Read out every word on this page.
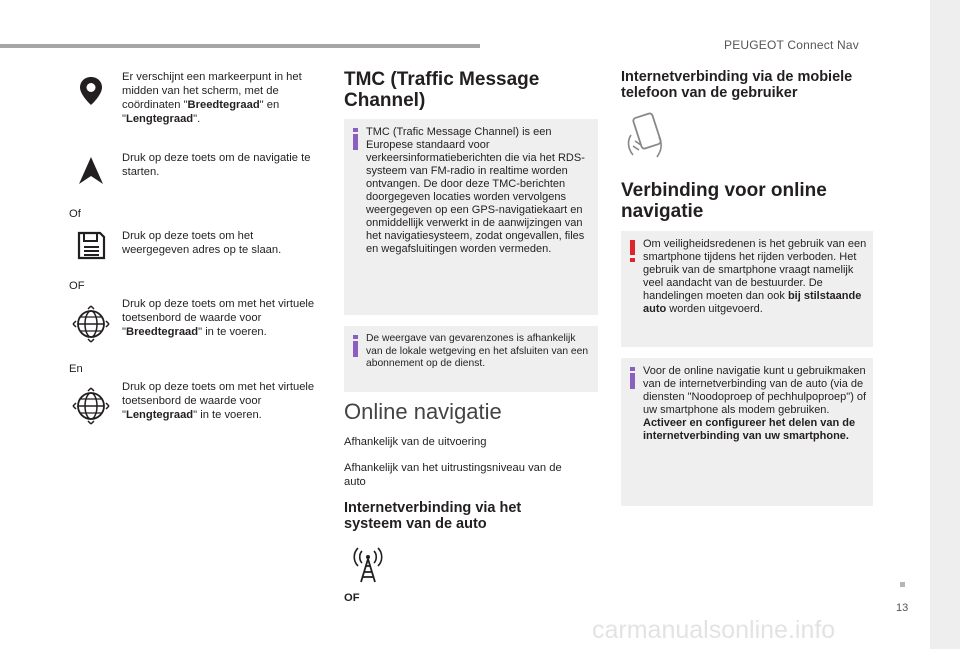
PEUGEOT Connect Nav
13
carmanualsonline.info
Er verschijnt een markeerpunt in het midden van het scherm, met de coördinaten "Breedtegraad" en "Lengtegraad".
Druk op deze toets om de navigatie te starten.
Of
Druk op deze toets om het weergegeven adres op te slaan.
OF
Druk op deze toets om met het virtuele toetsenbord de waarde voor "Breedtegraad" in te voeren.
En
Druk op deze toets om met het virtuele toetsenbord de waarde voor "Lengtegraad" in te voeren.
TMC (Traffic Message Channel)
TMC (Trafic Message Channel) is een Europese standaard voor verkeersinformatieberichten die via het RDS-systeem van FM-radio in realtime worden ontvangen. De door deze TMC-berichten doorgegeven locaties worden vervolgens weergegeven op een GPS-navigatiekaart en onmiddellijk verwerkt in de aanwijzingen van het navigatiesysteem, zodat ongevallen, files en wegafsluitingen worden vermeden.
De weergave van gevarenzones is afhankelijk van de lokale wetgeving en het afsluiten van een abonnement op de dienst.
Online navigatie
Afhankelijk van de uitvoering
Afhankelijk van het uitrustingsniveau van de auto
Internetverbinding via het systeem van de auto
OF
Internetverbinding via de mobiele telefoon van de gebruiker
Verbinding voor online navigatie
Om veiligheidsredenen is het gebruik van een smartphone tijdens het rijden verboden. Het gebruik van de smartphone vraagt namelijk veel aandacht van de bestuurder. De handelingen moeten dan ook bij stilstaande auto worden uitgevoerd.
Voor de online navigatie kunt u gebruikmaken van de internetverbinding van de auto (via de diensten "Noodoproep of pechhulpoproep") of uw smartphone als modem gebruiken.
Activeer en configureer het delen van de internetverbinding van uw smartphone.
